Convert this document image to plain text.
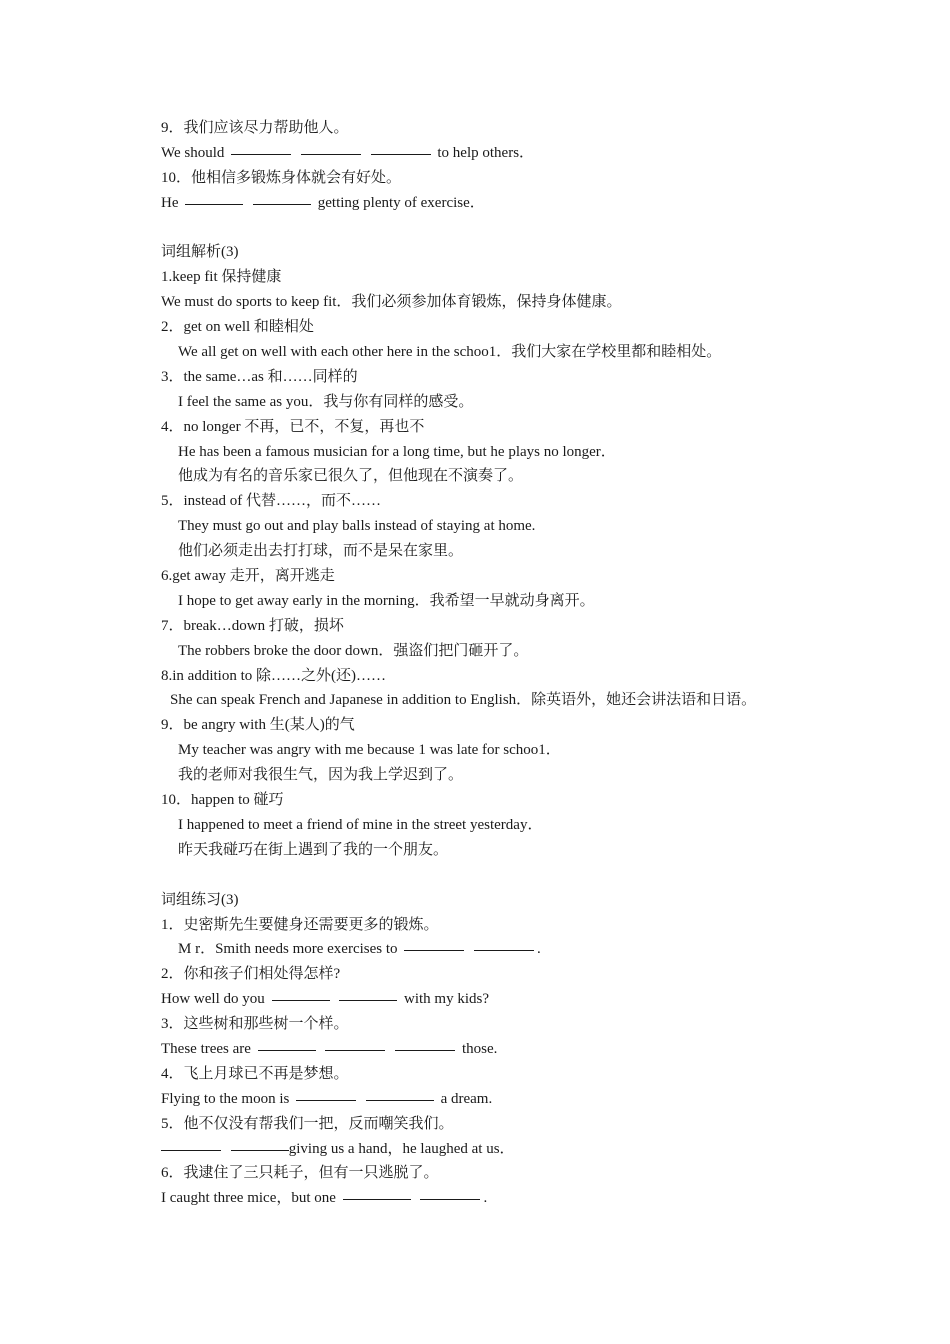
9．我们应该尽力帮助他人。
We should	to help others．
10．他相信多锻炼身体就会有好处。
He	getting plenty of exercise．
词组解析(3)
1.keep fit 保持健康
We must do sports to keep fit．我们必须参加体育锻炼，保持身体健康。
2．get on well 和睦相处
We all get on well with each other here in the schoo1．我们大家在学校里都和睦相处。
3．the same…as 和……同样的
I feel the same as you．我与你有同样的感受。
4．no longer 不再，已不，不复，再也不
He has been a famous musician for a long time, but he plays no longer．
他成为有名的音乐家已很久了，但他现在不演奏了。
5．instead of 代替……，而不……
They must go out and play balls instead of staying at home.
他们必须走出去打打球，而不是呆在家里。
6.get away 走开，离开逃走
I hope to get away early in the morning．我希望一早就动身离开。
7．break…down 打破，损坏
The robbers broke the door down．强盗们把门砸开了。
8.in addition to 除……之外(还)……
She can speak French and Japanese in addition to English．除英语外，她还会讲法语和日语。
9．be angry with 生(某人)的气
My teacher was angry with me because 1 was late for schoo1．
我的老师对我很生气，因为我上学迟到了。
10．happen to 碰巧
I happened to meet a friend of mine in the street yesterday．
昨天我碰巧在街上遇到了我的一个朋友。
词组练习(3)
1．史密斯先生要健身还需要更多的锻炼。
M r．Smith needs more exercises to	.
2．你和孩子们相处得怎样?
How well do you	with my kids?
3．这些树和那些树一个样。
These trees are	those.
4．飞上月球已不再是梦想。
Flying to the moon is	a dream.
5．他不仅没有帮我们一把，反而嘲笑我们。
giving us a hand，he laughed at us．
6．我逮住了三只耗子，但有一只逃脱了。
I caught three mice，but one	.
